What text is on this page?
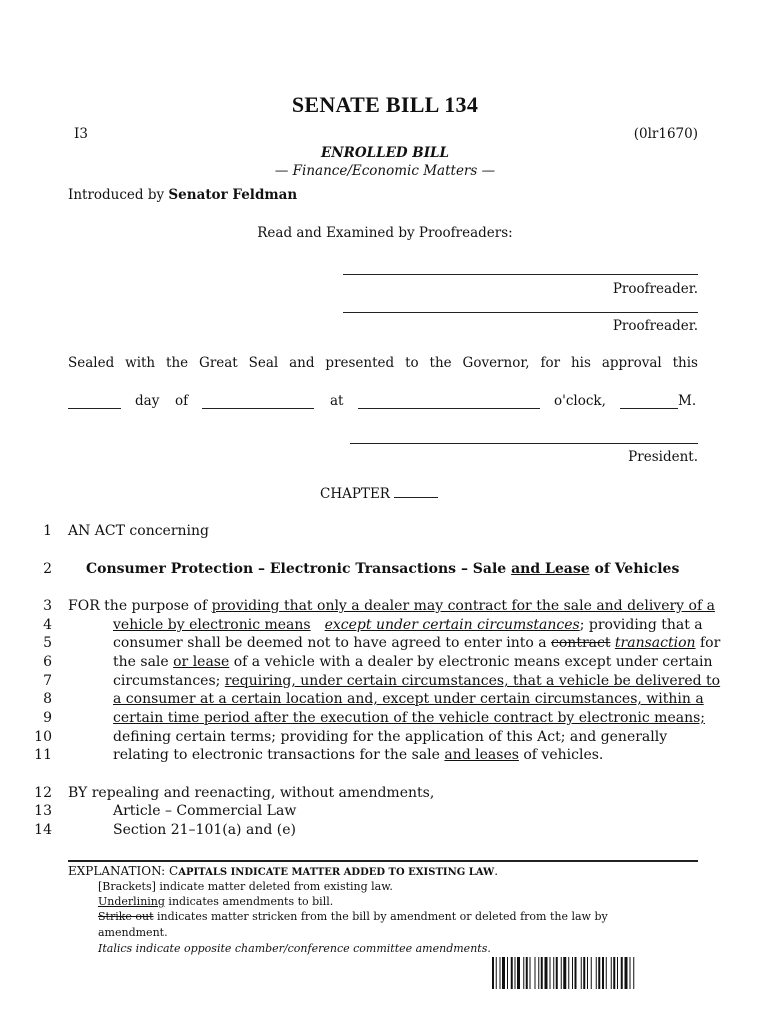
SENATE BILL 134
I3	(0lr1670)
ENROLLED BILL
— Finance/Economic Matters —
Introduced by Senator Feldman
Read and Examined by Proofreaders:
Proofreader.
Proofreader.
Sealed with the Great Seal and presented to the Governor, for his approval this
day of	at	o'clock,	M.
President.
CHAPTER
1
2
3
4
5
6
7
8
9
10
11
12
13
14
AN ACT concerning
Consumer Protection – Electronic Transactions – Sale and Lease of Vehicles
FOR the purpose of providing that only a dealer may contract for the sale and delivery of a
vehicle by electronic means except under certain circumstances; providing that a
consumer shall be deemed not to have agreed to enter into a contract transaction for
the sale or lease of a vehicle with a dealer by electronic means except under certain
circumstances; requiring, under certain circumstances, that a vehicle be delivered to
a consumer at a certain location and, except under certain circumstances, within a
certain time period after the execution of the vehicle contract by electronic means;
defining certain terms; providing for the application of this Act; and generally
relating to electronic transactions for the sale and leases of vehicles.
BY repealing and reenacting, without amendments,
Article – Commercial Law
Section 21–101(a) and (e)
EXPLANATION: CAPITALS INDICATE MATTER ADDED TO EXISTING LAW.
[Brackets] indicate matter deleted from existing law.
Underlining indicates amendments to bill.
Strike out indicates matter stricken from the bill by amendment or deleted from the law by
amendment.
Italics indicate opposite chamber/conference committee amendments.
